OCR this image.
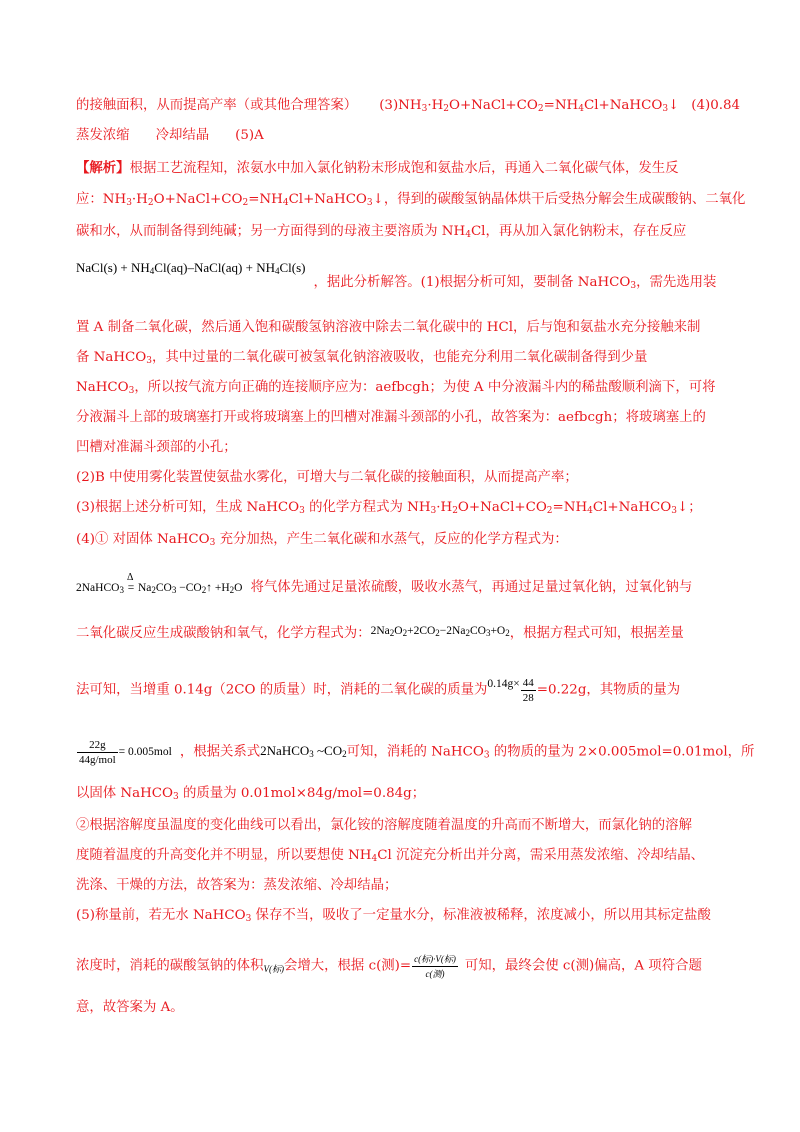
的接触面积，从而提高产率（或其他合理答案） $(3)NH_3\cdot H_2O+NaCl+CO_2=NH_4Cl+NaHCO_3↓$ (4)0.84
蒸发浓缩 冷却结晶 (5)A
【解析】根据工艺流程知，浓氨水中加入氯化钠粉末形成饱和氨盐水后，再通入二氧化碳气体，发生反
应：$NH_3\cdot H_2O+NaCl+CO_2=NH_4Cl+NaHCO_3↓$，得到的碳酸氢钠晶体烘干后受热分解会生成碳酸钠、二氧化
碳和水，从而制备得到纯碱；另一方面得到的母液主要溶质为 $NH_4Cl$，再从加入氯化钠粉末，存在反应
NaCl(s) + $NH_4Cl(aq)-NaCl(aq) + NH_4Cl(s)$，据此分析解答。(1)根据分析可知，要制备 NaHCO$_3$，需先选用装
置 A 制备二氧化碳，然后通入饱和碳酸氢钠溶液中除去二氧化碳中的 HCl，后与饱和氨盐水充分接触来制
备 NaHCO$_3$，其中过量的二氧化碳可被氢氧化钠溶液吸收，也能充分利用二氧化碳制备得到少量
NaHCO$_3$，所以按气流方向正确的连接顺序应为：aefbcgh；为使 A 中分液漏斗内的稀盐酸顺利滴下，可将
分液漏斗上部的玻璃塞打开或将玻璃塞上的凹槽对准漏斗颈部的小孔，故答案为：aefbcgh；将玻璃塞上的
凹槽对准漏斗颈部的小孔；
(2)B 中使用雾化装置使氨盐水雾化，可增大与二氧化碳的接触面积，从而提高产率；
(3)根据上述分析可知，生成 NaHCO$_3$ 的化学方程式为 $NH_3\cdot H_2O+NaCl+CO_2=NH_4Cl+NaHCO_3↓$；
(4)① 对固体 NaHCO$_3$ 充分加热，产生二氧化碳和水蒸气，反应的化学方程式为：
2NaHCO$_3$
Δ
= $Na_2CO_3$ $-CO_2↑ +H_2O$ 将气体先通过足量浓硫酸，吸收水蒸气，再通过足量过氧化钠，过氧化钠与
二氧化碳反应生成碳酸钠和氧气，化学方程式为：$2Na_2O_2+2CO_2-2Na_2CO_3+O_2$，根据方程式可知，根据差量
法可知，当增重 0.14g（2CO 的质量）时，消耗的二氧化碳的质量为$0.14g\times \frac{44}{28} =0.22g$，其物质的量为
$\frac{22g}{\text{44g/mol}} = 0.005mol$ ，根据关系式2NaHCO$_3$ $\sim CO_2$可知，消耗的 NaHCO$_3$ 的物质的量为 2×0.005mol=0.01mol，所
以固体 NaHCO$_3$ 的质量为 0.01mol×84g/mol=0.84g；
②根据溶解度虽温度的变化曲线可以看出，氯化铵的溶解度随着温度的升高而不断增大，而氯化钠的溶解
度随着温度的升高变化并不明显，所以要想使 $NH_4Cl$ 沉淀充分析出并分离，需采用蒸发浓缩、冷却结晶、
洗涤、干燥的方法，故答案为：蒸发浓缩、冷却结晶；
(5)称量前，若无水 NaHCO$_3$ 保存不当，吸收了一定量水分，标准液被稀释，浓度减小，所以用其标定盐酸
浓度时，消耗的碳酸氢钠的体积$_{V(标)}$会增大，根据 c(测)= $\frac{\text{c(标)·V(标)}}{\text{c(测)}}$ 可知，最终会使 c(测)偏高，A 项符合题
意，故答案为 A。
